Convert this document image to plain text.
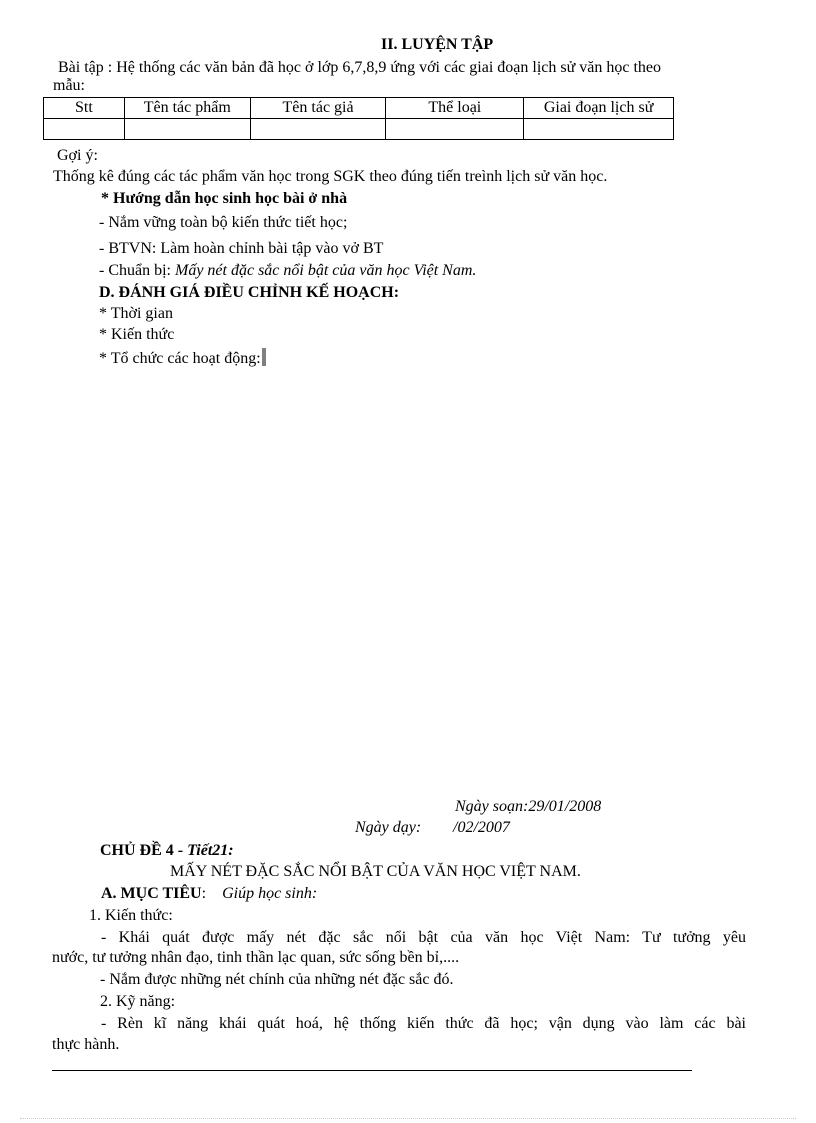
II. LUYỆN TẬP
Bài tập : Hệ thống các văn bản đã học ở lớp 6,7,8,9 ứng với các giai đoạn lịch sử văn học theo
mẫu:
Stt	Tên tác phẩm	Tên tác giả	Thể loại	Giai đoạn lịch sử

Gợi ý:
Thống kê đúng các tác phẩm văn học trong SGK theo đúng tiến treình lịch sử văn học.
* Hướng dẫn học sinh học bài ở nhà
- Nắm vững toàn bộ kiến thức tiết học;
- BTVN: Làm hoàn chỉnh bài tập vào vở BT
- Chuẩn bị: Mấy nét đặc sắc nổi bật của văn học Việt Nam.
D. ĐÁNH GIÁ ĐIỀU CHỈNH KẾ HOẠCH:
* Thời gian
* Kiến thức
* Tổ chức các hoạt động:
Ngày soạn:29/01/2008
Ngày dạy: /02/2007
CHỦ ĐỀ 4 - Tiết21:
MẤY NÉT ĐẶC SẮC NỔI BẬT CỦA VĂN HỌC VIỆT NAM.
A. MỤC TIÊU: Giúp học sinh:
1. Kiến thức:
- Khái quát được mấy nét đặc sắc nổi bật của văn học Việt Nam: Tư tưởng yêu
nước, tư tưởng nhân đạo, tinh thần lạc quan, sức sống bền bỉ,....
- Nắm được những nét chính của những nét đặc sắc đó.
2. Kỹ năng:
- Rèn kĩ năng khái quát hoá, hệ thống kiến thức đã học; vận dụng vào làm các bài
thực hành.
